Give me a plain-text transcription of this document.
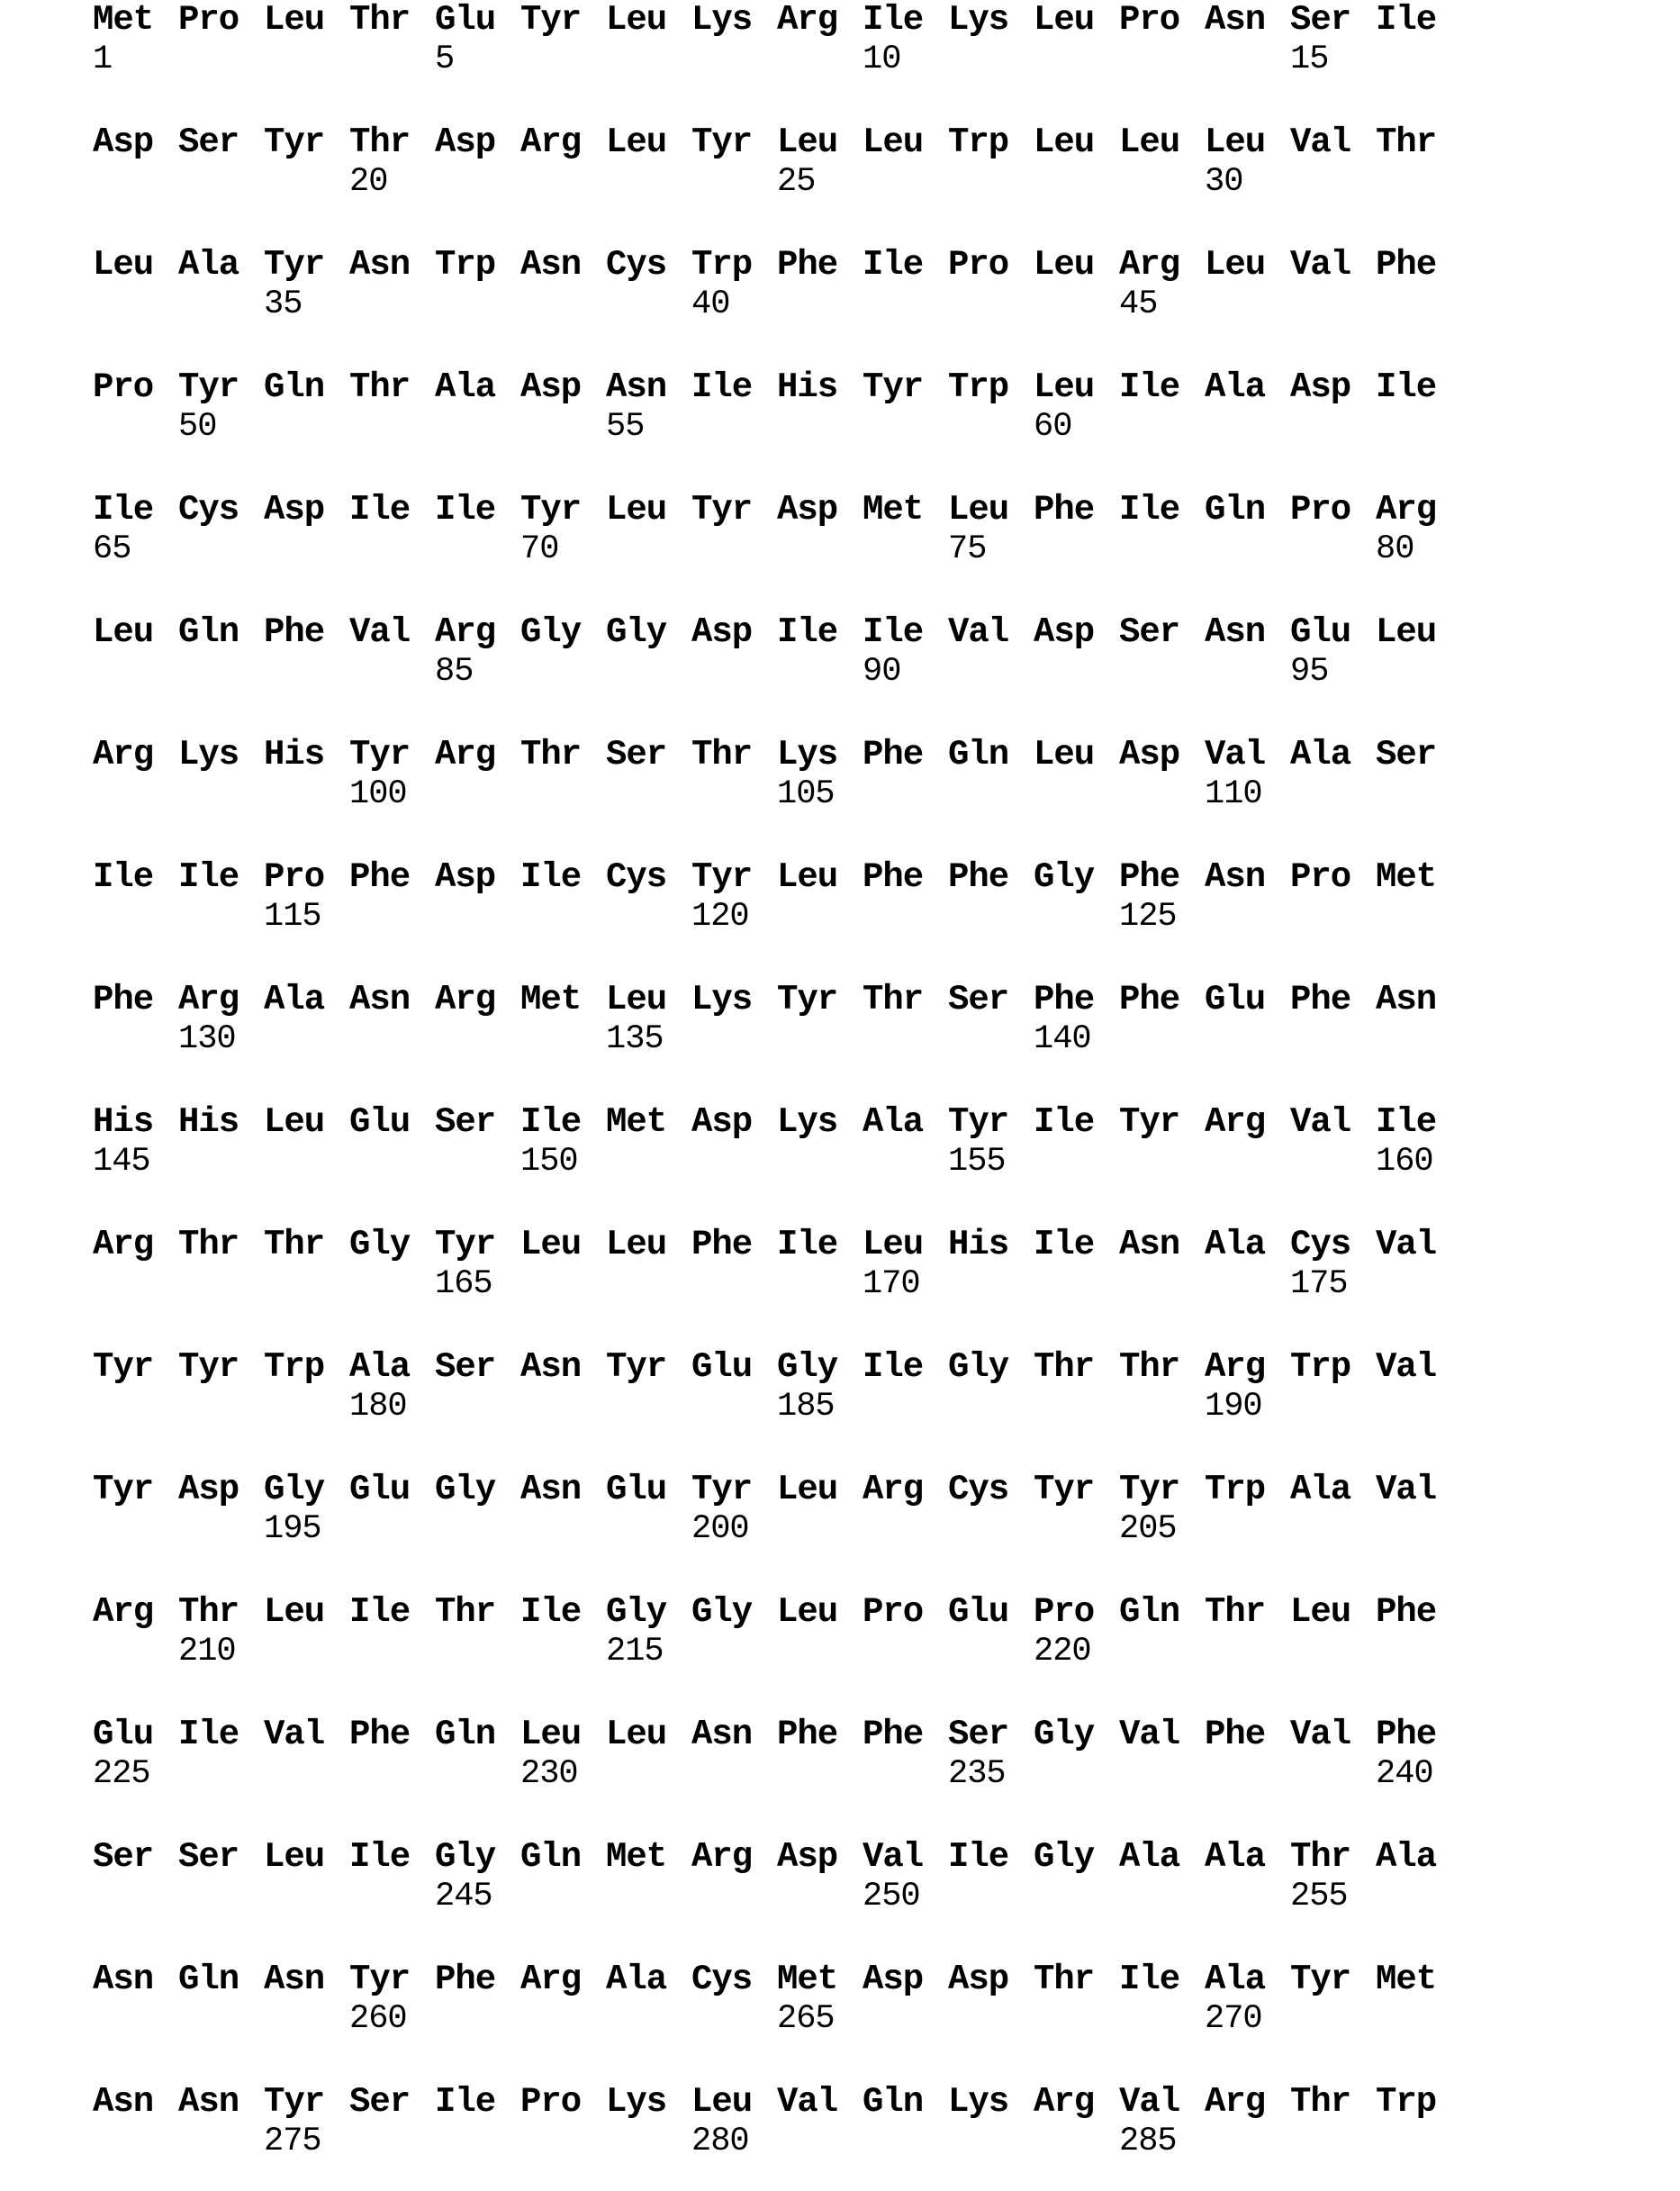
Met Pro Leu Thr Glu Tyr Leu Lys Arg Ile Lys Leu Pro Asn Ser Ile
1	5	10	15
Asp Ser Tyr Thr Asp Arg Leu Tyr Leu Leu Trp Leu Leu Leu Val Thr
20	25	30
Leu Ala Tyr Asn Trp Asn Cys Trp Phe Ile Pro Leu Arg Leu Val Phe
35	40	45
Pro Tyr Gln Thr Ala Asp Asn Ile His Tyr Trp Leu Ile Ala Asp Ile
50	55	60
Ile Cys Asp Ile Ile Tyr Leu Tyr Asp Met Leu Phe Ile Gln Pro Arg
65	70	75	80
Leu Gln Phe Val Arg Gly Gly Asp Ile Ile Val Asp Ser Asn Glu Leu
85	90	95
Arg Lys His Tyr Arg Thr Ser Thr Lys Phe Gln Leu Asp Val Ala Ser
100	105	110
Ile Ile Pro Phe Asp Ile Cys Tyr Leu Phe Phe Gly Phe Asn Pro Met
115	120	125
Phe Arg Ala Asn Arg Met Leu Lys Tyr Thr Ser Phe Phe Glu Phe Asn
130	135	140
His His Leu Glu Ser Ile Met Asp Lys Ala Tyr Ile Tyr Arg Val Ile
145	150	155	160
Arg Thr Thr Gly Tyr Leu Leu Phe Ile Leu His Ile Asn Ala Cys Val
165	170	175
Tyr Tyr Trp Ala Ser Asn Tyr Glu Gly Ile Gly Thr Thr Arg Trp Val
180	185	190
Tyr Asp Gly Glu Gly Asn Glu Tyr Leu Arg Cys Tyr Tyr Trp Ala Val
195	200	205
Arg Thr Leu Ile Thr Ile Gly Gly Leu Pro Glu Pro Gln Thr Leu Phe
210	215	220
Glu Ile Val Phe Gln Leu Leu Asn Phe Phe Ser Gly Val Phe Val Phe
225	230	235	240
Ser Ser Leu Ile Gly Gln Met Arg Asp Val Ile Gly Ala Ala Thr Ala
245	250	255
Asn Gln Asn Tyr Phe Arg Ala Cys Met Asp Asp Thr Ile Ala Tyr Met
260	265	270
Asn Asn Tyr Ser Ile Pro Lys Leu Val Gln Lys Arg Val Arg Thr Trp
275	280	285
